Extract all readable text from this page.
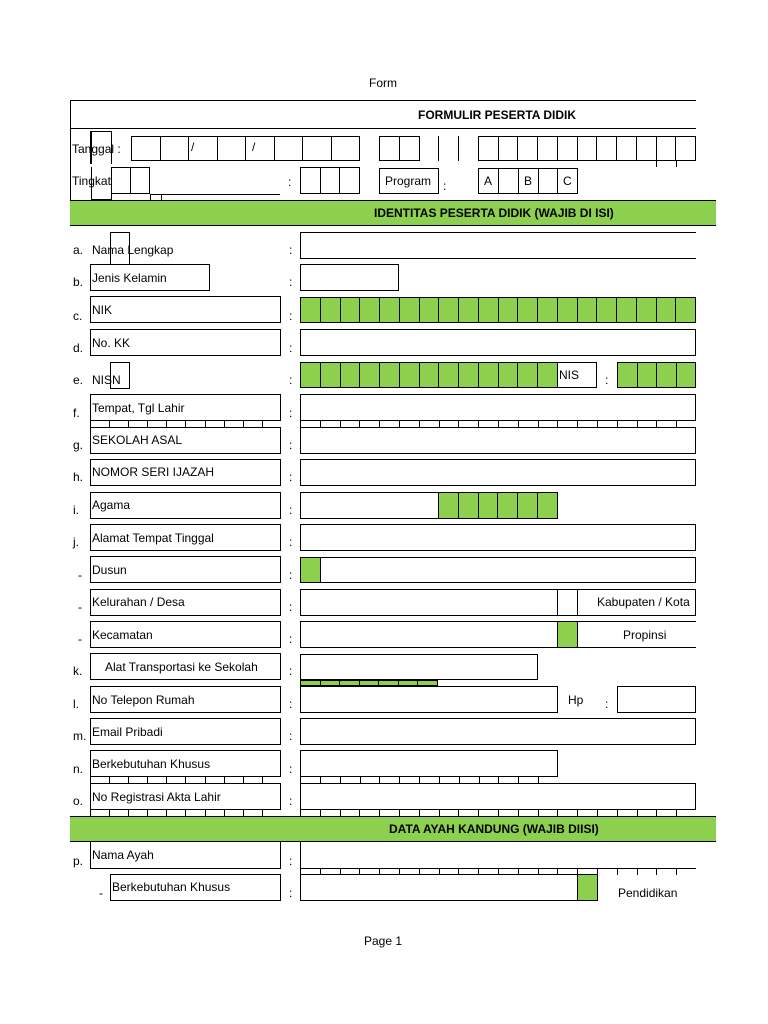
Form
FORMULIR PESERTA DIDIK
Tanggal :	/	/
Tingkat	:	Program :	A	B	C
IDENTITAS PESERTA DIDIK (WAJIB DI ISI)
a. Nama Lengkap	:
b. Jenis Kelamin	:
c. NIK	:
d. No. KK	:
e. NISN	:	NIS :
f. Tempat, Tgl Lahir	:
g. SEKOLAH ASAL	:
h. NOMOR SERI IJAZAH	:
i. Agama	:
j. Alamat Tempat Tinggal	:
- Dusun	:
- Kelurahan / Desa	:	Kabupaten / Kota
- Kecamatan	:	Propinsi
k. Alat Transportasi ke Sekolah	:
l. No Telepon Rumah	:	Hp :
m. Email Pribadi	:
n. Berkebutuhan Khusus	:
o. No Registrasi Akta Lahir	:
DATA AYAH KANDUNG (WAJIB DIISI)
p. Nama Ayah	:
- Berkebutuhan Khusus	:	Pendidikan
Page 1
